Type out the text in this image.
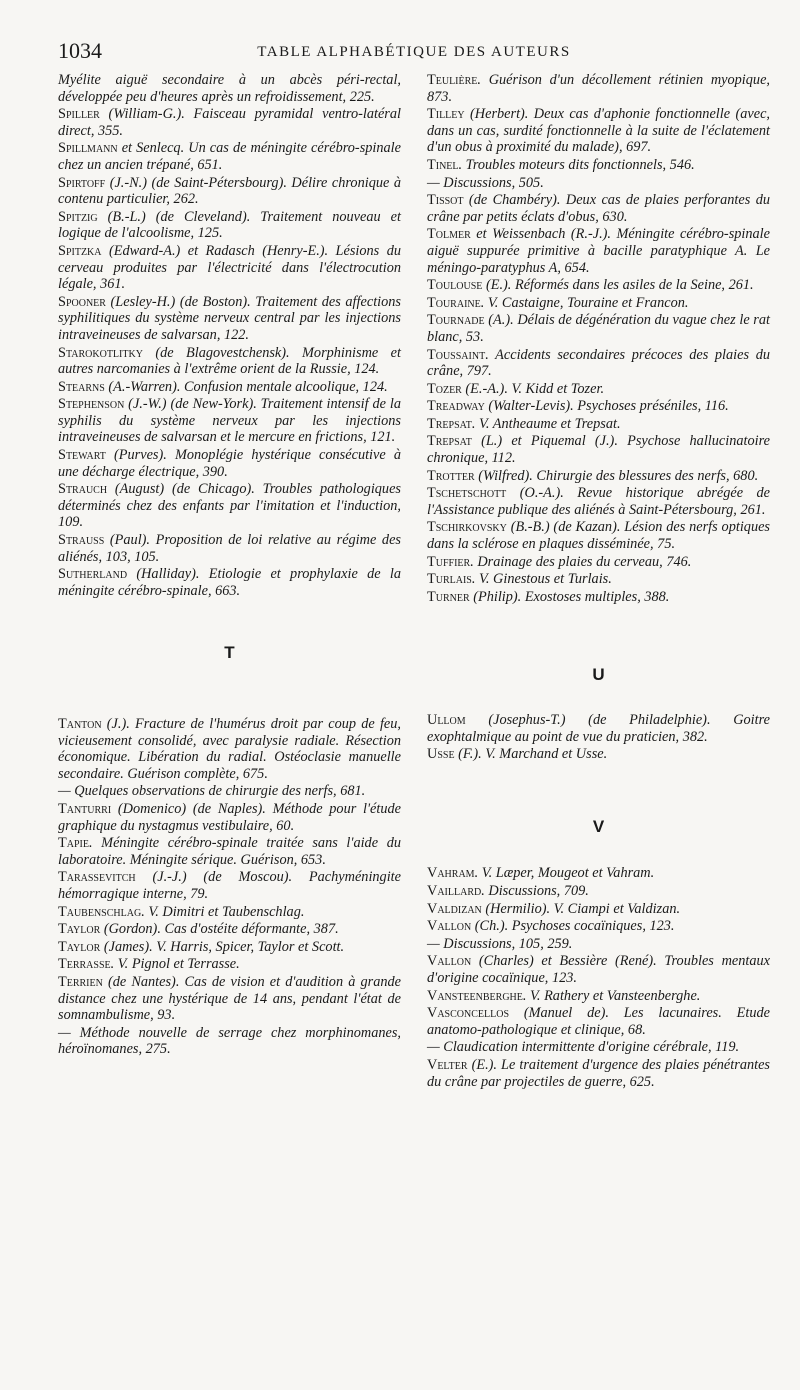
1034	TABLE ALPHABÉTIQUE DES AUTEURS
Myélite aiguë secondaire à un abcès péri-rectal, développée peu d'heures après un refroidissement, 225.
Spiller (William-G.). Faisceau pyramidal ventro-latéral direct, 355.
Spillmann et Senlecq. Un cas de méningite cérébro-spinale chez un ancien trépané, 651.
Spirtoff (J.-N.) (de Saint-Pétersbourg). Délire chronique à contenu particulier, 262.
Spitzig (B.-L.) (de Cleveland). Traitement nouveau et logique de l'alcoolisme, 125.
Spitzka (Edward-A.) et Radasch (Henry-E.). Lésions du cerveau produites par l'électricité dans l'électrocution légale, 361.
Spooner (Lesley-H.) (de Boston). Traitement des affections syphilitiques du système nerveux central par les injections intraveineuses de salvarsan, 122.
Starokotlitky (de Blagovestchensk). Morphinisme et autres narcomanies à l'extrême orient de la Russie, 124.
Stearns (A.-Warren). Confusion mentale alcoolique, 124.
Stephenson (J.-W.) (de New-York). Traitement intensif de la syphilis du système nerveux par les injections intraveineuses de salvarsan et le mercure en frictions, 121.
Stewart (Purves). Monoplégie hystérique consécutive à une décharge électrique, 390.
Strauch (August) (de Chicago). Troubles pathologiques déterminés chez des enfants par l'imitation et l'induction, 109.
Strauss (Paul). Proposition de loi relative au régime des aliénés, 103, 105.
Sutherland (Halliday). Etiologie et prophylaxie de la méningite cérébro-spinale, 663.
T
Tanton (J.). Fracture de l'humérus droit par coup de feu, vicieusement consolidé, avec paralysie radiale. Résection économique. Libération du radial. Ostéoclasie manuelle secondaire. Guérison complète, 675.
— Quelques observations de chirurgie des nerfs, 681.
Tanturri (Domenico) (de Naples). Méthode pour l'étude graphique du nystagmus vestibulaire, 60.
Tapie. Méningite cérébro-spinale traitée sans l'aide du laboratoire. Méningite sérique. Guérison, 653.
Tarassevitch (J.-J.) (de Moscou). Pachyméningite hémorragique interne, 79.
Taubenschlag. V. Dimitri et Taubenschlag.
Taylor (Gordon). Cas d'ostéite déformante, 387.
Taylor (James). V. Harris, Spicer, Taylor et Scott.
Terrasse. V. Pignol et Terrasse.
Terrien (de Nantes). Cas de vision et d'audition à grande distance chez une hystérique de 14 ans, pendant l'état de somnambulisme, 93.
— Méthode nouvelle de serrage chez morphinomanes, héroïnomanes, 275.
Teulière. Guérison d'un décollement rétinien myopique, 873.
Tilley (Herbert). Deux cas d'aphonie fonctionnelle (avec, dans un cas, surdité fonctionnelle à la suite de l'éclatement d'un obus à proximité du malade), 697.
Tinel. Troubles moteurs dits fonctionnels, 546.
— Discussions, 505.
Tissot (de Chambéry). Deux cas de plaies perforantes du crâne par petits éclats d'obus, 630.
Tolmer et Weissenbach (R.-J.). Méningite cérébro-spinale aiguë suppurée primitive à bacille paratyphique A. Le méningo-paratyphus A, 654.
Toulouse (E.). Réformés dans les asiles de la Seine, 261.
Touraine. V. Castaigne, Touraine et Francon.
Tournade (A.). Délais de dégénération du vague chez le rat blanc, 53.
Toussaint. Accidents secondaires précoces des plaies du crâne, 797.
Tozer (E.-A.). V. Kidd et Tozer.
Treadway (Walter-Levis). Psychoses préséniles, 116.
Trepsat. V. Antheaume et Trepsat.
Trepsat (L.) et Piquemal (J.). Psychose hallucinatoire chronique, 112.
Trotter (Wilfred). Chirurgie des blessures des nerfs, 680.
Tschetschott (O.-A.). Revue historique abrégée de l'Assistance publique des aliénés à Saint-Pétersbourg, 261.
Tschirkovsky (B.-B.) (de Kazan). Lésion des nerfs optiques dans la sclérose en plaques disséminée, 75.
Tuffier. Drainage des plaies du cerveau, 746.
Turlais. V. Ginestous et Turlais.
Turner (Philip). Exostoses multiples, 388.
U
Ullom (Josephus-T.) (de Philadelphie). Goitre exophtalmique au point de vue du praticien, 382.
Usse (F.). V. Marchand et Usse.
V
Vahram. V. Læper, Mougeot et Vahram.
Vaillard. Discussions, 709.
Valdizan (Hermilio). V. Ciampi et Valdizan.
Vallon (Ch.). Psychoses cocaïniques, 123.
— Discussions, 105, 259.
Vallon (Charles) et Bessière (René). Troubles mentaux d'origine cocaïnique, 123.
Vansteenberghe. V. Rathery et Vansteenberghe.
Vasconcellos (Manuel de). Les lacunaires. Etude anatomo-pathologique et clinique, 68.
— Claudication intermittente d'origine cérébrale, 119.
Velter (E.). Le traitement d'urgence des plaies pénétrantes du crâne par projectiles de guerre, 625.
